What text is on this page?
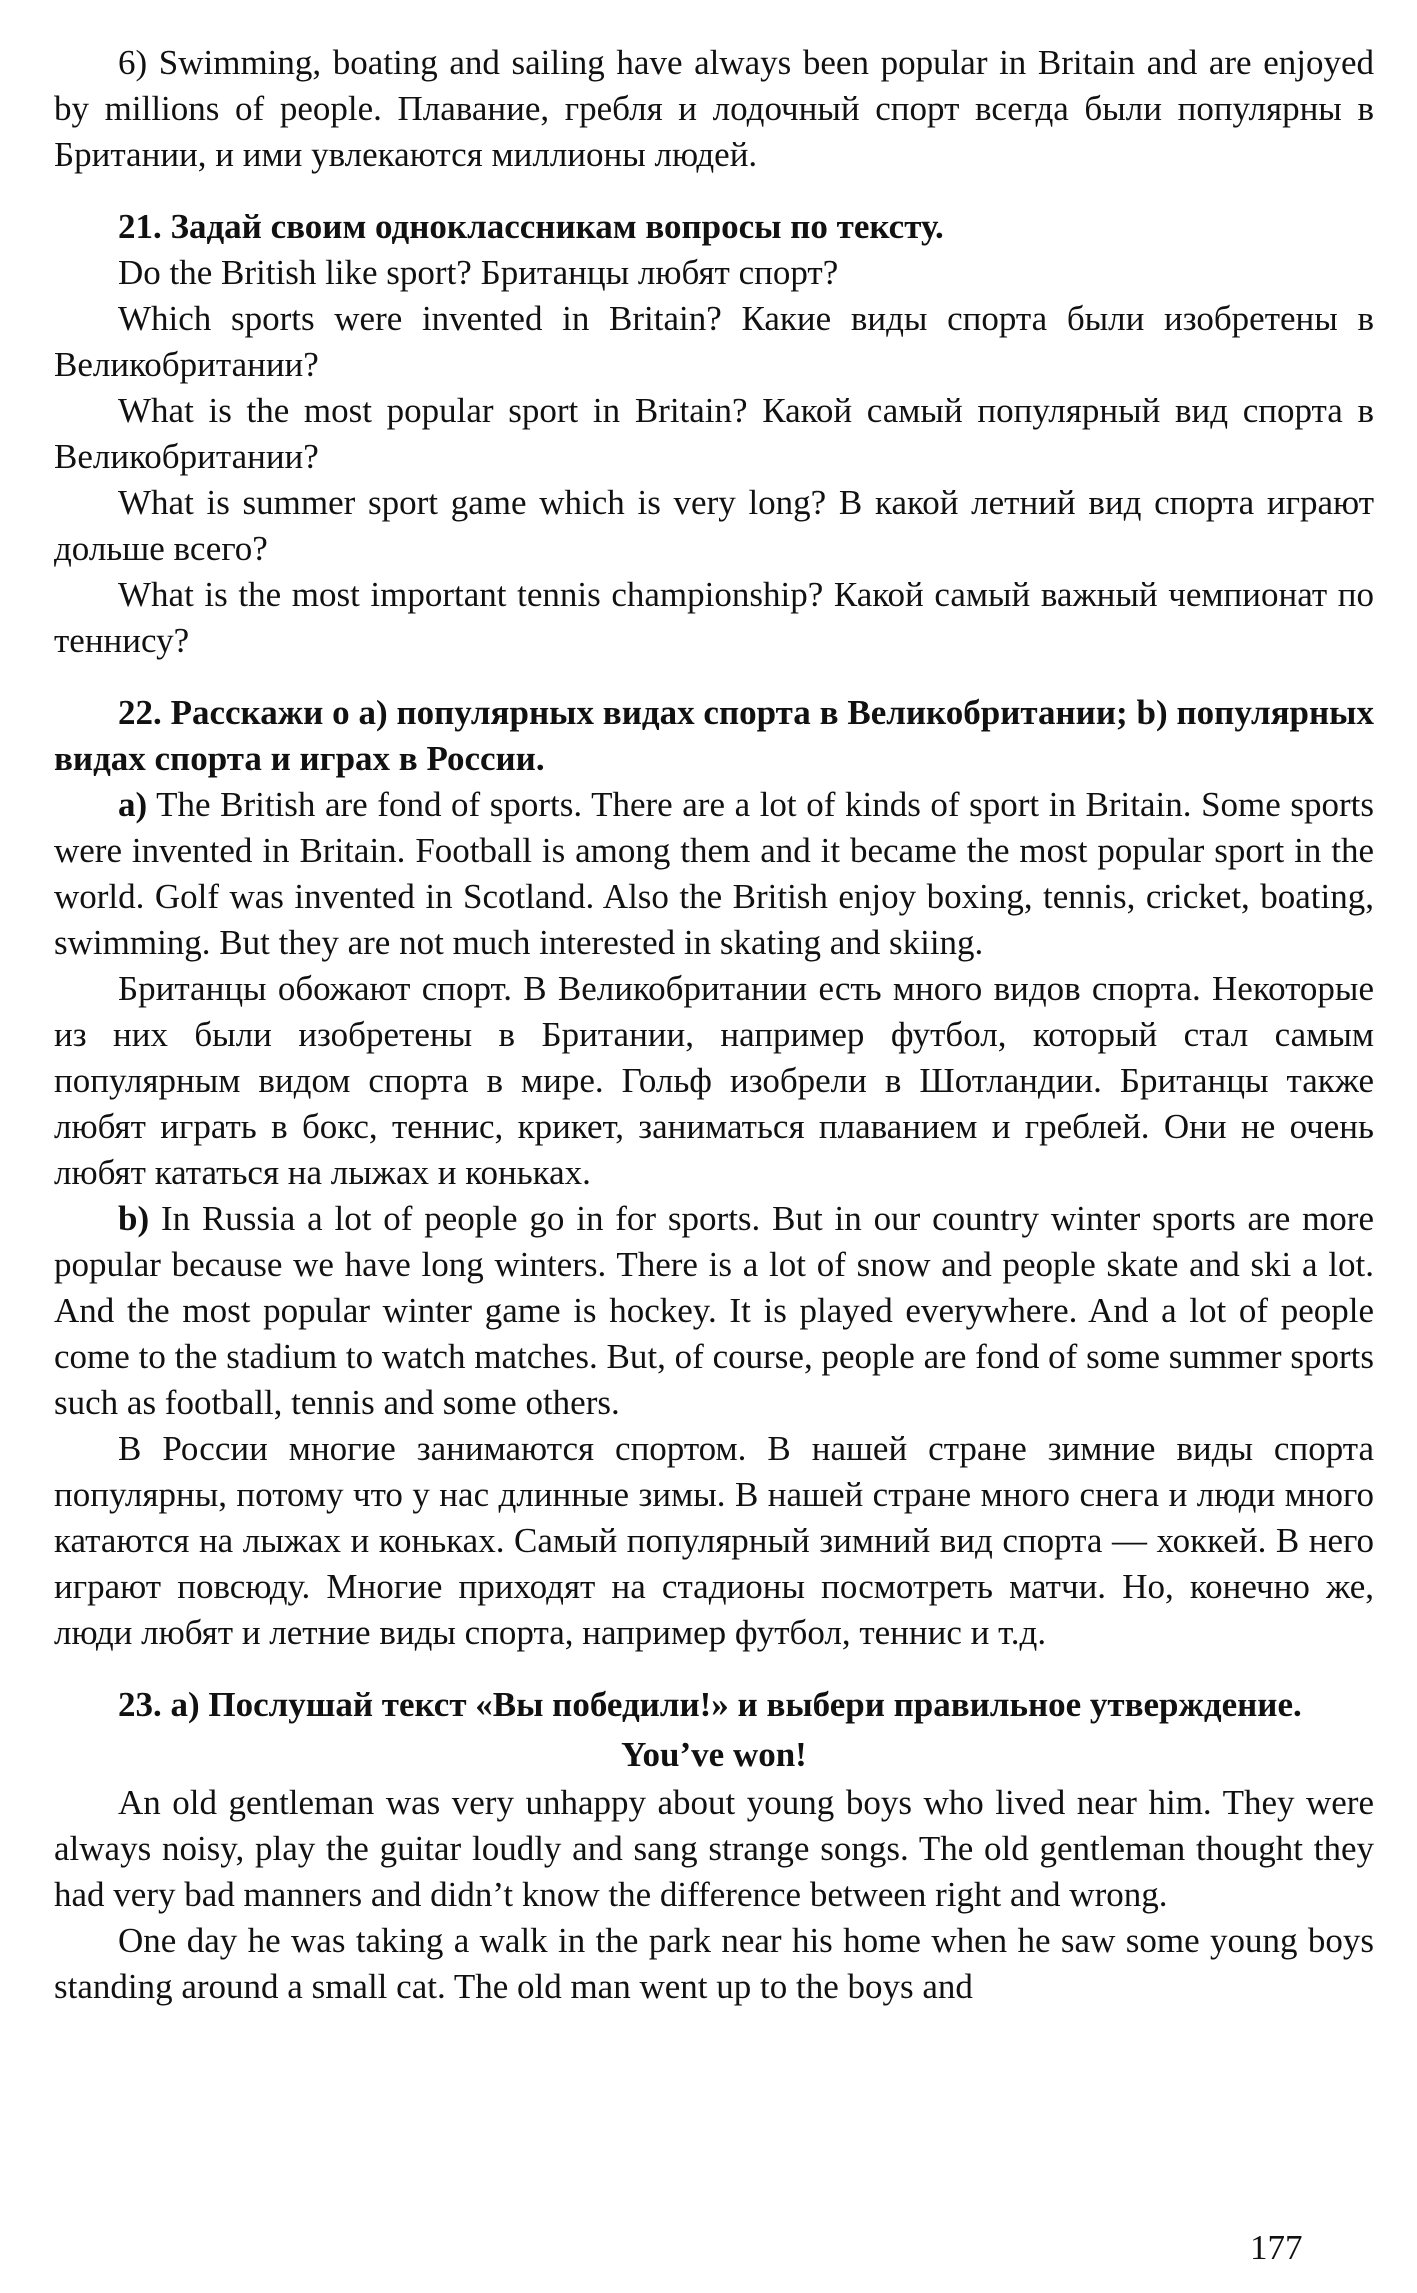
6) Swimming, boating and sailing have always been popular in Britain and are enjoyed by millions of people. Плавание, гребля и лодочный спорт всегда были популярны в Британии, и ими увлекаются миллионы людей.

21. Задай своим одноклассникам вопросы по тексту.

Do the British like sport? Британцы любят спорт?

Which sports were invented in Britain? Какие виды спорта были изобретены в Великобритании?

What is the most popular sport in Britain? Какой самый популярный вид спорта в Великобритании?

What is summer sport game which is very long? В какой летний вид спорта играют дольше всего?

What is the most important tennis championship? Какой самый важный чемпионат по теннису?

22. Расскажи о а) популярных видах спорта в Великобритании; b) популярных видах спорта и играх в России.

a) The British are fond of sports. There are a lot of kinds of sport in Britain. Some sports were invented in Britain. Football is among them and it became the most popular sport in the world. Golf was invented in Scotland. Also the British enjoy boxing, tennis, cricket, boating, swimming. But they are not much interested in skating and skiing.

Британцы обожают спорт. В Великобритании есть много видов спорта. Некоторые из них были изобретены в Британии, например футбол, который стал самым популярным видом спорта в мире. Гольф изобрели в Шотландии. Британцы также любят играть в бокс, теннис, крикет, заниматься плаванием и греблей. Они не очень любят кататься на лыжах и коньках.

b) In Russia a lot of people go in for sports. But in our country winter sports are more popular because we have long winters. There is a lot of snow and people skate and ski a lot. And the most popular winter game is hockey. It is played everywhere. And a lot of people come to the stadium to watch matches. But, of course, people are fond of some summer sports such as football, tennis and some others.

В России многие занимаются спортом. В нашей стране зимние виды спорта популярны, потому что у нас длинные зимы. В нашей стране много снега и люди много катаются на лыжах и коньках. Самый популярный зимний вид спорта — хоккей. В него играют повсюду. Многие приходят на стадионы посмотреть матчи. Но, конечно же, люди любят и летние виды спорта, например футбол, теннис и т.д.

23. а) Послушай текст «Вы победили!» и выбери правильное утверждение.

You’ve won!

An old gentleman was very unhappy about young boys who lived near him. They were always noisy, play the guitar loudly and sang strange songs. The old gentleman thought they had very bad manners and didn’t know the difference between right and wrong.

One day he was taking a walk in the park near his home when he saw some young boys standing around a small cat. The old man went up to the boys and

177
